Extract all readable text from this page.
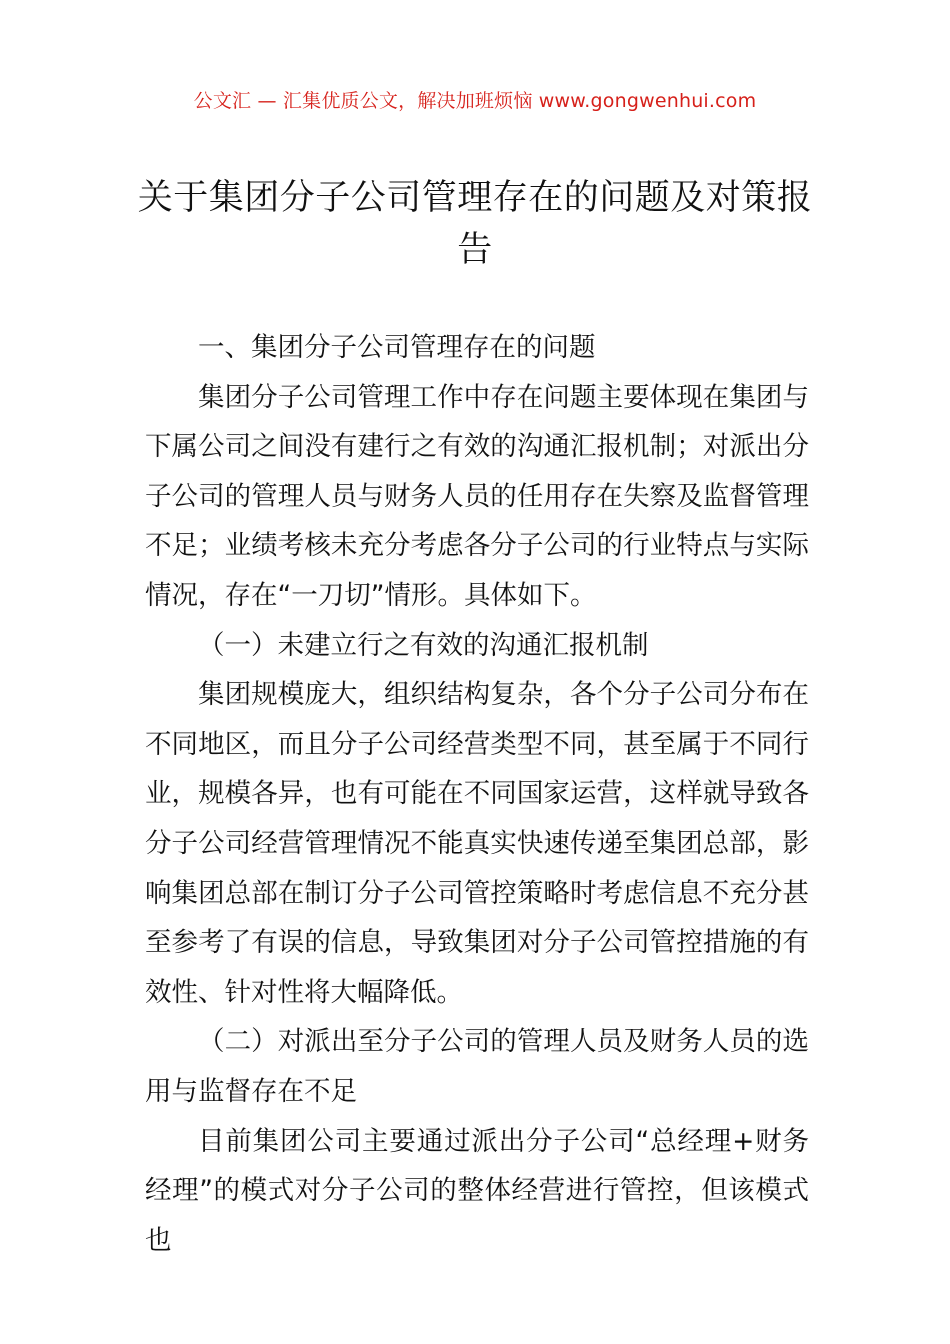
公文汇 — 汇集优质公文，解决加班烦恼 www.gongwenhui.com
关于集团分子公司管理存在的问题及对策报告

一、集团分子公司管理存在的问题

集团分子公司管理工作中存在问题主要体现在集团与下属公司之间没有建行之有效的沟通汇报机制；对派出分子公司的管理人员与财务人员的任用存在失察及监督管理不足；业绩考核未充分考虑各分子公司的行业特点与实际情况，存在“一刀切”情形。具体如下。

（一）未建立行之有效的沟通汇报机制

集团规模庞大，组织结构复杂，各个分子公司分布在不同地区，而且分子公司经营类型不同，甚至属于不同行业，规模各异，也有可能在不同国家运营，这样就导致各分子公司经营管理情况不能真实快速传递至集团总部，影响集团总部在制订分子公司管控策略时考虑信息不充分甚至参考了有误的信息，导致集团对分子公司管控措施的有效性、针对性将大幅降低。

（二）对派出至分子公司的管理人员及财务人员的选用与监督存在不足

目前集团公司主要通过派出分子公司“总经理+财务经理”的模式对分子公司的整体经营进行管控，但该模式也
